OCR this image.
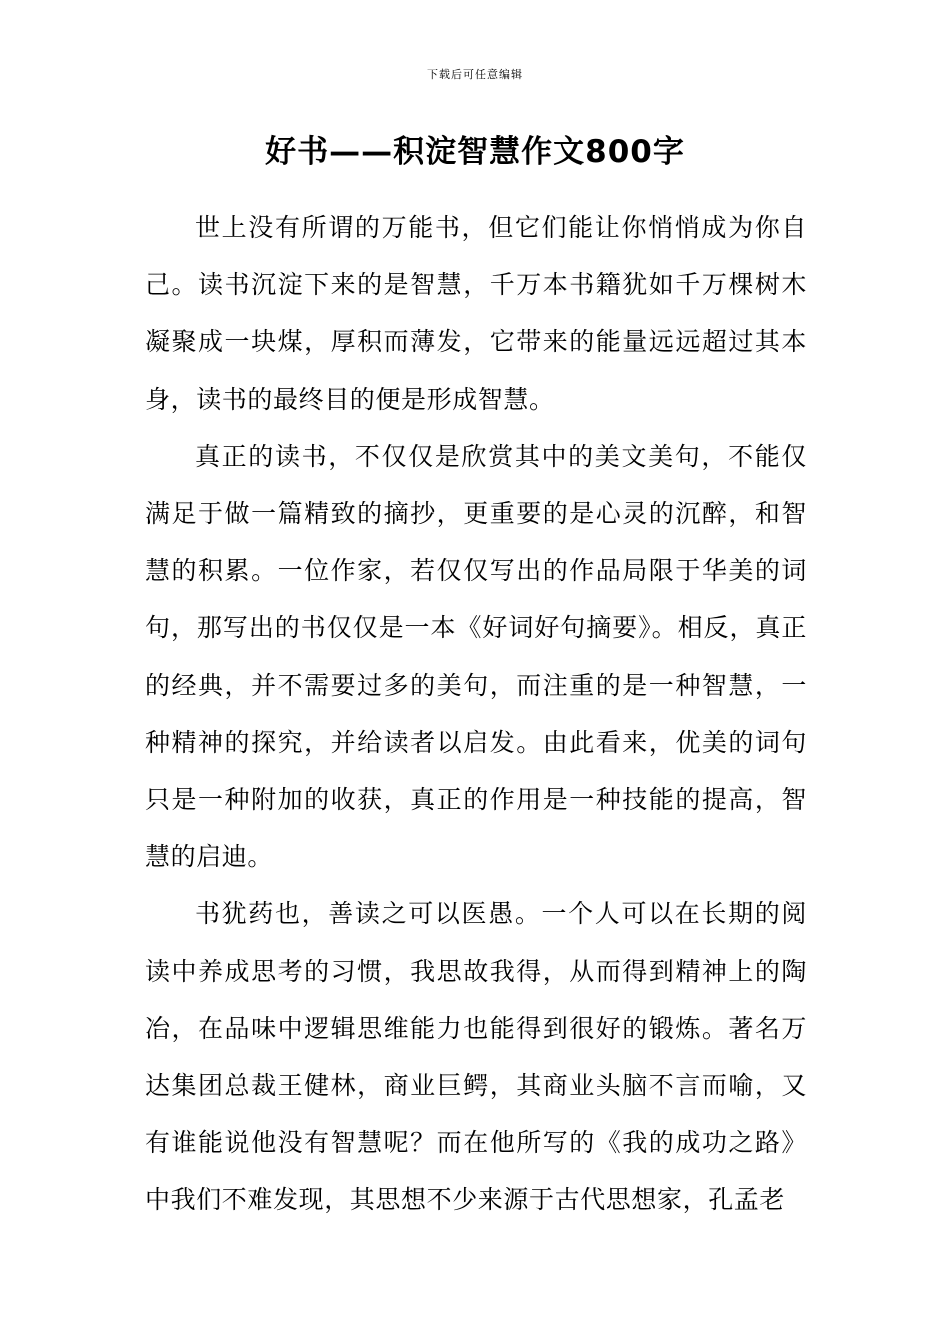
下载后可任意编辑
好书——积淀智慧作文800字

世上没有所谓的万能书，但它们能让你悄悄成为你自己。读书沉淀下来的是智慧，千万本书籍犹如千万棵树木凝聚成一块煤，厚积而薄发，它带来的能量远远超过其本身，读书的最终目的便是形成智慧。

真正的读书，不仅仅是欣赏其中的美文美句，不能仅满足于做一篇精致的摘抄，更重要的是心灵的沉醉，和智慧的积累。一位作家，若仅仅写出的作品局限于华美的词句，那写出的书仅仅是一本《好词好句摘要》。相反，真正的经典，并不需要过多的美句，而注重的是一种智慧，一种精神的探究，并给读者以启发。由此看来，优美的词句只是一种附加的收获，真正的作用是一种技能的提高，智慧的启迪。

书犹药也，善读之可以医愚。一个人可以在长期的阅读中养成思考的习惯，我思故我得，从而得到精神上的陶冶，在品味中逻辑思维能力也能得到很好的锻炼。著名万达集团总裁王健林，商业巨鳄，其商业头脑不言而喻，又有谁能说他没有智慧呢？而在他所写的《我的成功之路》中我们不难发现，其思想不少来源于古代思想家，孔孟老
